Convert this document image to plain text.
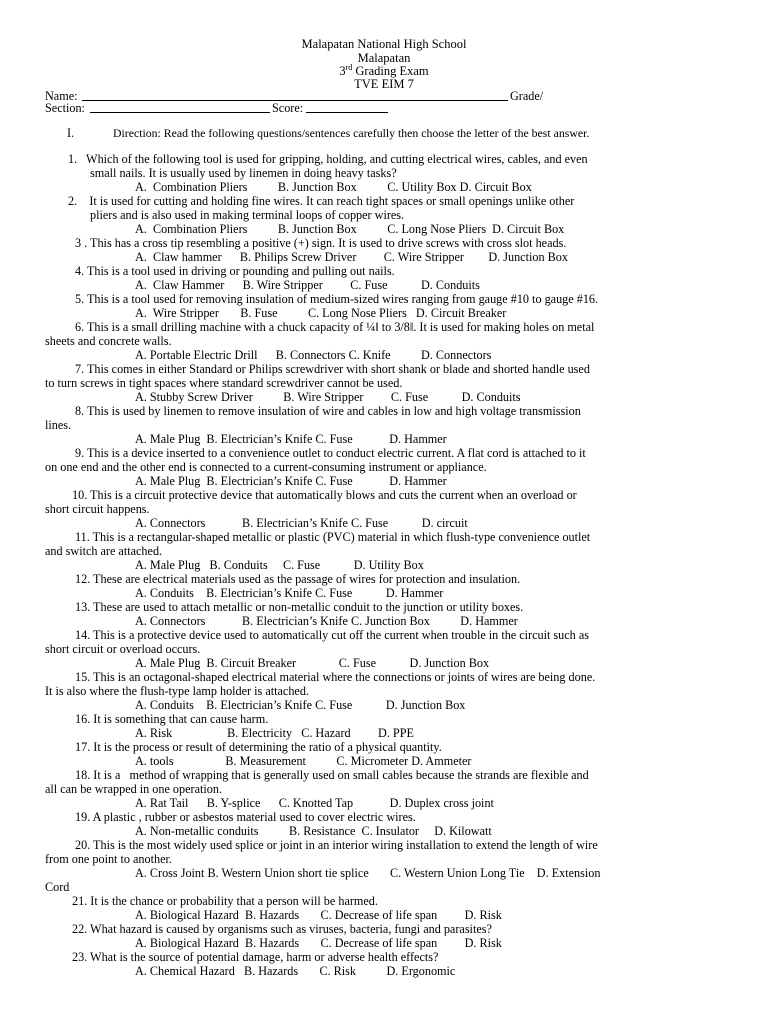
Malapatan National High School
Malapatan
3rd Grading Exam
TVE EIM 7
Name:	Grade/
Section:	Score:
I.	Direction: Read the following questions/sentences carefully then choose the letter of the best answer.
1.   Which of the following tool is used for gripping, holding, and cutting electrical wires, cables, and even
small nails. It is usually used by linemen in doing heavy tasks?
A.  Combination Pliers          B. Junction Box          C. Utility Box D. Circuit Box
2.    It is used for cutting and holding fine wires. It can reach tight spaces or small openings unlike other
pliers and is also used in making terminal loops of copper wires.
A.  Combination Pliers          B. Junction Box          C. Long Nose Pliers  D. Circuit Box
3 . This has a cross tip resembling a positive (+) sign. It is used to drive screws with cross slot heads.
A.  Claw hammer      B. Philips Screw Driver         C. Wire Stripper        D. Junction Box
4. This is a tool used in driving or pounding and pulling out nails.
A.  Claw Hammer      B. Wire Stripper         C. Fuse           D. Conduits
5. This is a tool used for removing insulation of medium-sized wires ranging from gauge #10 to gauge #16.
A.  Wire Stripper       B. Fuse          C. Long Nose Pliers   D. Circuit Breaker
6. This is a small drilling machine with a chuck capacity of ¼‖ to 3/8‖. It is used for making holes on metal
sheets and concrete walls.
A. Portable Electric Drill      B. Connectors C. Knife          D. Connectors
7. This comes in either Standard or Philips screwdriver with short shank or blade and shorted handle used
to turn screws in tight spaces where standard screwdriver cannot be used.
A. Stubby Screw Driver          B. Wire Stripper         C. Fuse           D. Conduits
8. This is used by linemen to remove insulation of wire and cables in low and high voltage transmission
lines.
A. Male Plug  B. Electrician’s Knife C. Fuse            D. Hammer
9. This is a device inserted to a convenience outlet to conduct electric current. A flat cord is attached to it
on one end and the other end is connected to a current-consuming instrument or appliance.
A. Male Plug  B. Electrician’s Knife C. Fuse            D. Hammer
10. This is a circuit protective device that automatically blows and cuts the current when an overload or
short circuit happens.
A. Connectors            B. Electrician’s Knife C. Fuse           D. circuit
11. This is a rectangular-shaped metallic or plastic (PVC) material in which flush-type convenience outlet
and switch are attached.
A. Male Plug   B. Conduits     C. Fuse           D. Utility Box
12. These are electrical materials used as the passage of wires for protection and insulation.
A. Conduits    B. Electrician’s Knife C. Fuse           D. Hammer
13. These are used to attach metallic or non-metallic conduit to the junction or utility boxes.
A. Connectors            B. Electrician’s Knife C. Junction Box          D. Hammer
14. This is a protective device used to automatically cut off the current when trouble in the circuit such as
short circuit or overload occurs.
A. Male Plug  B. Circuit Breaker              C. Fuse           D. Junction Box
15. This is an octagonal-shaped electrical material where the connections or joints of wires are being done.
It is also where the flush-type lamp holder is attached.
A. Conduits    B. Electrician’s Knife C. Fuse           D. Junction Box
16. It is something that can cause harm.
A. Risk                  B. Electricity   C. Hazard         D. PPE
17. It is the process or result of determining the ratio of a physical quantity.
A. tools                 B. Measurement          C. Micrometer D. Ammeter
18. It is a   method of wrapping that is generally used on small cables because the strands are flexible and
all can be wrapped in one operation.
A. Rat Tail      B. Y-splice      C. Knotted Tap            D. Duplex cross joint
19. A plastic , rubber or asbestos material used to cover electric wires.
A. Non-metallic conduits          B. Resistance  C. Insulator     D. Kilowatt
20. This is the most widely used splice or joint in an interior wiring installation to extend the length of wire
from one point to another.
A. Cross Joint B. Western Union short tie splice       C. Western Union Long Tie    D. Extension
Cord
21. It is the chance or probability that a person will be harmed.
A. Biological Hazard  B. Hazards       C. Decrease of life span         D. Risk
22. What hazard is caused by organisms such as viruses, bacteria, fungi and parasites?
A. Biological Hazard  B. Hazards       C. Decrease of life span         D. Risk
23. What is the source of potential damage, harm or adverse health effects?
A. Chemical Hazard   B. Hazards       C. Risk          D. Ergonomic
